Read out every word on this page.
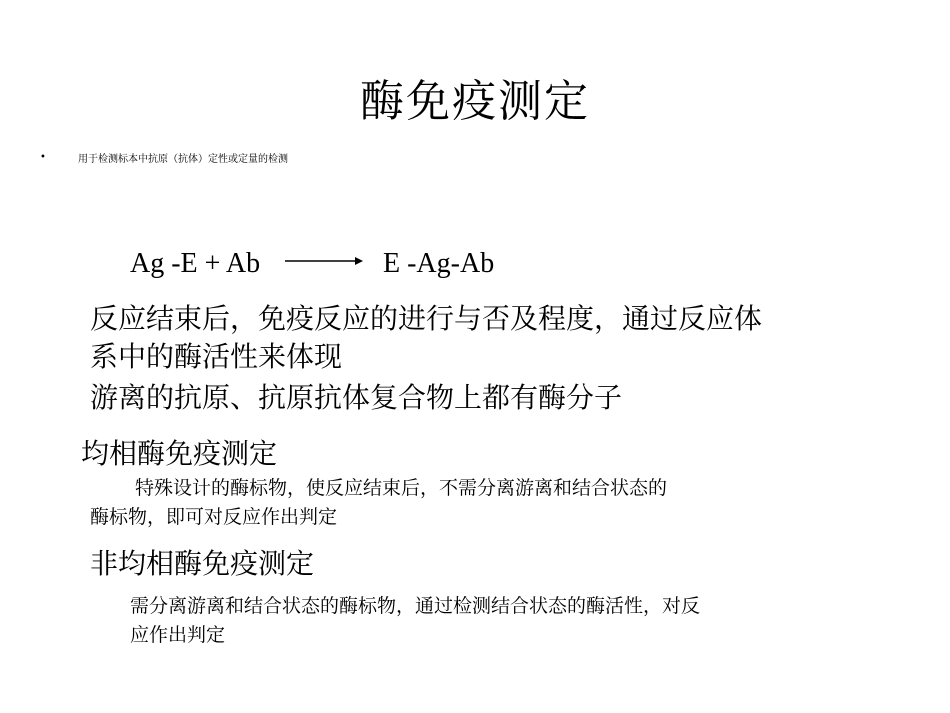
酶免疫测定
•	用于检测标本中抗原（抗体）定性或定量的检测
Ag -E + Ab	E -Ag-Ab
反应结束后，免疫反应的进行与否及程度，通过反应体
系中的酶活性来体现
游离的抗原、抗原抗体复合物上都有酶分子
均相酶免疫测定
特殊设计的酶标物，使反应结束后，不需分离游离和结合状态的
酶标物，即可对反应作出判定
非均相酶免疫测定
需分离游离和结合状态的酶标物，通过检测结合状态的酶活性，对反
应作出判定
